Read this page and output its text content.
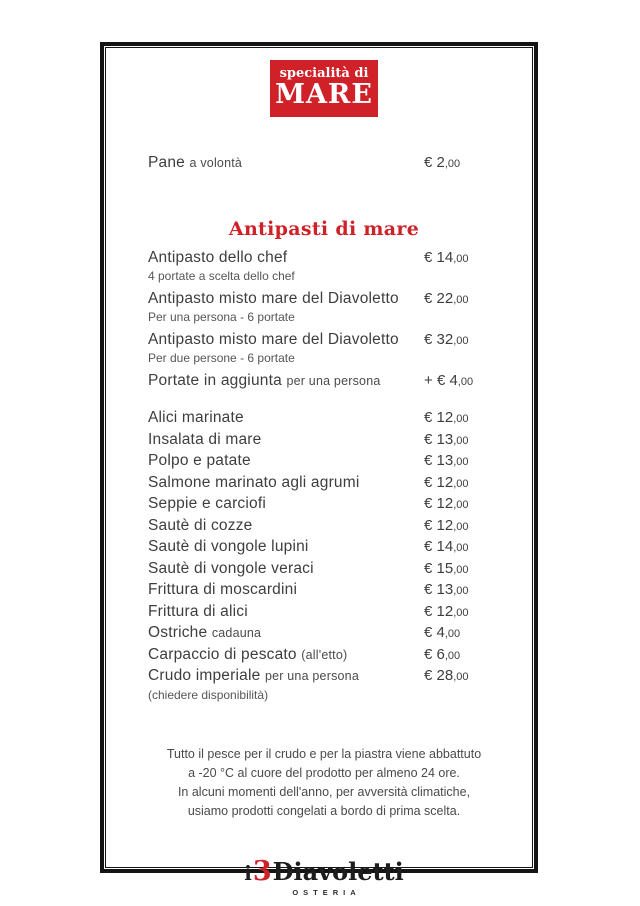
specialità di
MARE
Pane a volontà	€ 2,00
Antipasti di mare
Antipasto dello chef	€ 14,00
4 portate a scelta dello chef
Antipasto misto mare del Diavoletto	€ 22,00
Per una persona - 6 portate
Antipasto misto mare del Diavoletto	€ 32,00
Per due persone - 6 portate
Portate in aggiunta per una persona	+ € 4,00
Alici marinate	€ 12,00
Insalata di mare	€ 13,00
Polpo e patate	€ 13,00
Salmone marinato agli agrumi	€ 12,00
Seppie e carciofi	€ 12,00
Sautè di cozze	€ 12,00
Sautè di vongole lupini	€ 14,00
Sautè di vongole veraci	€ 15,00
Frittura di moscardini	€ 13,00
Frittura di alici	€ 12,00
Ostriche cadauna	€ 4,00
Carpaccio di pescato (all'etto)	€ 6,00
Crudo imperiale per una persona	€ 28,00
(chiedere disponibilità)
Tutto il pesce per il crudo e per la piastra viene abbattuto
a -20 °C al cuore del prodotto per almeno 24 ore.
In alcuni momenti dell'anno, per avversità climatiche,
usiamo prodotti congelati a bordo di prima scelta.
i3Diavoletti
OSTERIA
